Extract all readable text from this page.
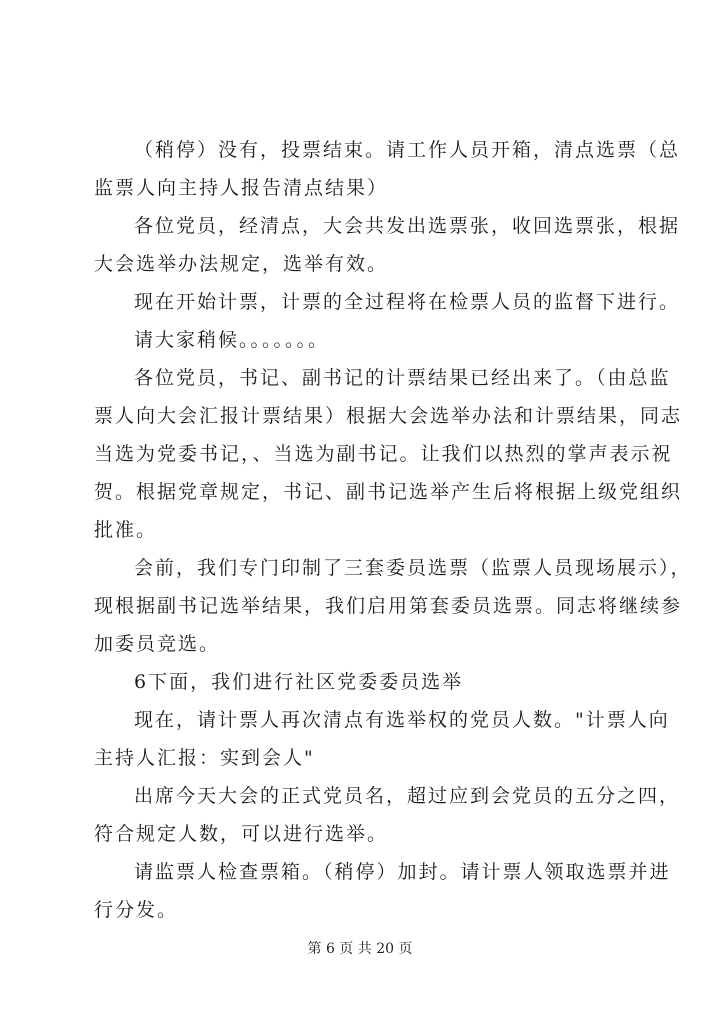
（稍停）没有，投票结束。请工作人员开箱，清点选票（总
监票人向主持人报告清点结果）
各位党员，经清点，大会共发出选票张，收回选票张，根据
大会选举办法规定，选举有效。
现在开始计票，计票的全过程将在检票人员的监督下进行。
请大家稍候。。。。。。。
各位党员，书记、副书记的计票结果已经出来了。（由总监
票人向大会汇报计票结果）根据大会选举办法和计票结果，同志
当选为党委书记，、当选为副书记。让我们以热烈的掌声表示祝
贺。根据党章规定，书记、副书记选举产生后将根据上级党组织
批准。
会前，我们专门印制了三套委员选票（监票人员现场展示），
现根据副书记选举结果，我们启用第套委员选票。同志将继续参
加委员竞选。
6下面，我们进行社区党委委员选举
现在，请计票人再次清点有选举权的党员人数。"计票人向
主持人汇报：实到会人"
出席今天大会的正式党员名，超过应到会党员的五分之四，
符合规定人数，可以进行选举。
请监票人检查票箱。（稍停）加封。请计票人领取选票并进
行分发。
第 6 页 共 20 页
